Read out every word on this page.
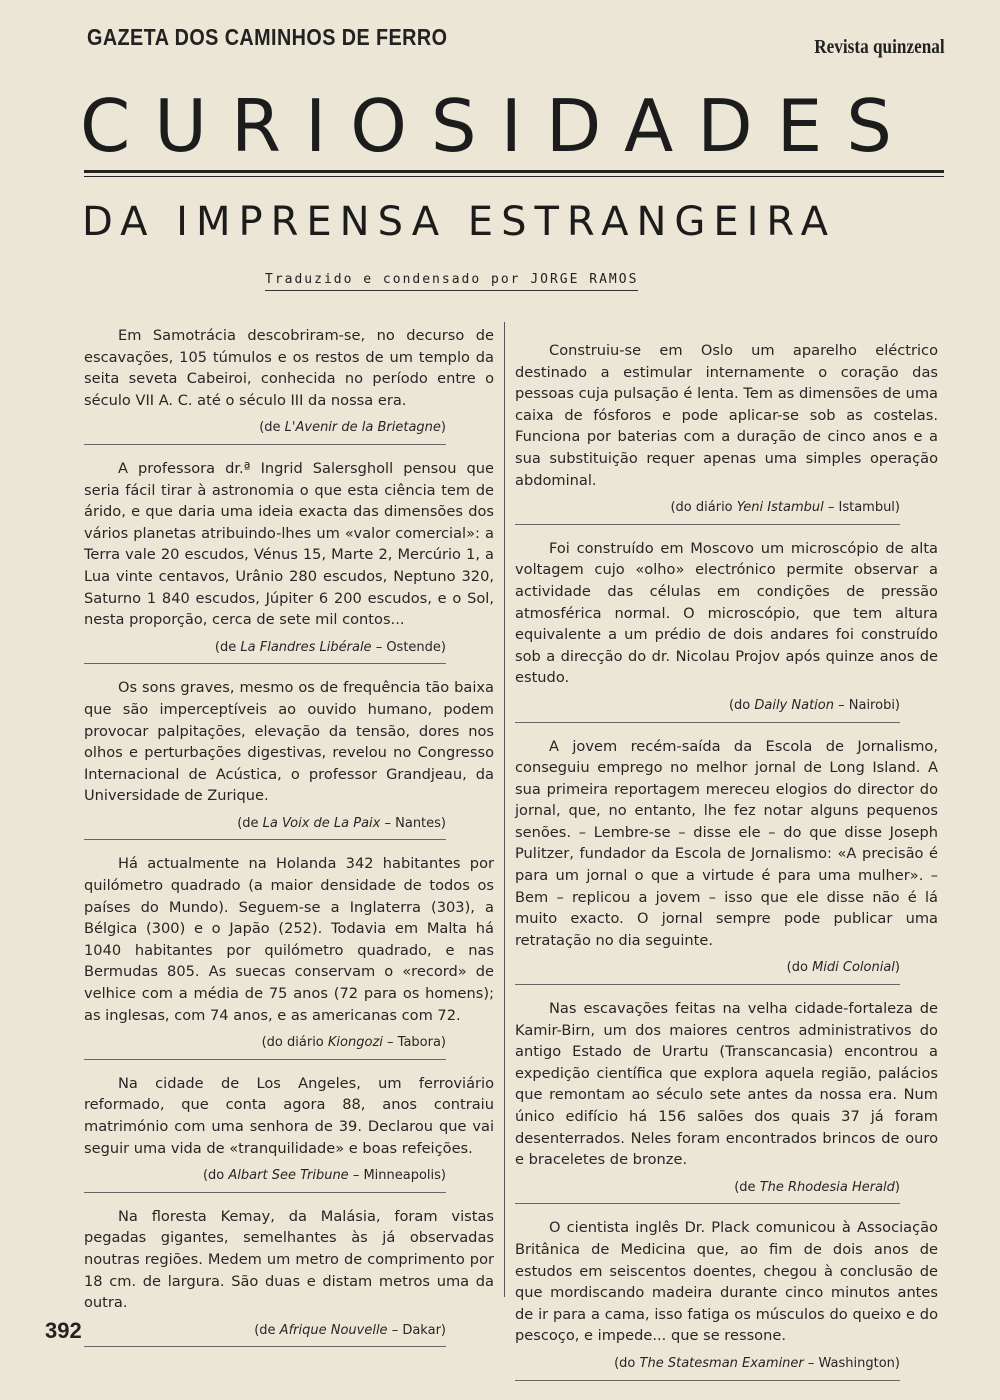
GAZETA DOS CAMINHOS DE FERRO	Revista quinzenal
CURIOSIDADES
DA IMPRENSA ESTRANGEIRA
Traduzido e condensado por JORGE RAMOS

Em Samotrácia descobriram-se, no decurso de escavações, 105 túmulos e os restos de um templo da seita seveta Cabeiroi, conhecida no período entre o século VII A. C. até o século III da nossa era.

(de L'Avenir de la Brietagne)

A professora dr.ª Ingrid Salersgholl pensou que seria fácil tirar à astronomia o que esta ciência tem de árido, e que daria uma ideia exacta das dimensões dos vários planetas atribuindo-lhes um «valor comercial»: a Terra vale 20 escudos, Vénus 15, Marte 2, Mercúrio 1, a Lua vinte centavos, Urânio 280 escudos, Neptuno 320, Saturno 1 840 escudos, Júpiter 6 200 escudos, e o Sol, nesta proporção, cerca de sete mil contos...

(de La Flandres Libérale – Ostende)

Os sons graves, mesmo os de frequência tão baixa que são imperceptíveis ao ouvido humano, podem provocar palpitações, elevação da tensão, dores nos olhos e perturbações digestivas, revelou no Congresso Internacional de Acústica, o professor Grandjeau, da Universidade de Zurique.

(de La Voix de La Paix – Nantes)

Há actualmente na Holanda 342 habitantes por quilómetro quadrado (a maior densidade de todos os países do Mundo). Seguem-se a Inglaterra (303), a Bélgica (300) e o Japão (252). Todavia em Malta há 1040 habitantes por quilómetro quadrado, e nas Bermudas 805. As suecas conservam o «record» de velhice com a média de 75 anos (72 para os homens); as inglesas, com 74 anos, e as americanas com 72.

(do diário Kiongozi – Tabora)

Na cidade de Los Angeles, um ferroviário reformado, que conta agora 88, anos contraiu matrimónio com uma senhora de 39. Declarou que vai seguir uma vida de «tranquilidade» e boas refeições.

(do Albart See Tribune – Minneapolis)

Na floresta Kemay, da Malásia, foram vistas pegadas gigantes, semelhantes às já observadas noutras regiões. Medem um metro de comprimento por 18 cm. de largura. São duas e distam metros uma da outra.

(de Afrique Nouvelle – Dakar)

Construiu-se em Oslo um aparelho eléctrico destinado a estimular internamente o coração das pessoas cuja pulsação é lenta. Tem as dimensões de uma caixa de fósforos e pode aplicar-se sob as costelas. Funciona por baterias com a duração de cinco anos e a sua substituição requer apenas uma simples operação abdominal.

(do diário Yeni Istambul – Istambul)

Foi construído em Moscovo um microscópio de alta voltagem cujo «olho» electrónico permite observar a actividade das células em condições de pressão atmosférica normal. O microscópio, que tem altura equivalente a um prédio de dois andares foi construído sob a direcção do dr. Nicolau Projov após quinze anos de estudo.

(do Daily Nation – Nairobi)

A jovem recém-saída da Escola de Jornalismo, conseguiu emprego no melhor jornal de Long Island. A sua primeira reportagem mereceu elogios do director do jornal, que, no entanto, lhe fez notar alguns pequenos senões. – Lembre-se – disse ele – do que disse Joseph Pulitzer, fundador da Escola de Jornalismo: «A precisão é para um jornal o que a virtude é para uma mulher». – Bem – replicou a jovem – isso que ele disse não é lá muito exacto. O jornal sempre pode publicar uma retratação no dia seguinte.

(do Midi Colonial)

Nas escavações feitas na velha cidade-fortaleza de Kamir-Birn, um dos maiores centros administrativos do antigo Estado de Urartu (Transcancasia) encontrou a expedição científica que explora aquela região, palácios que remontam ao século sete antes da nossa era. Num único edifício há 156 salões dos quais 37 já foram desenterrados. Neles foram encontrados brincos de ouro e braceletes de bronze.

(de The Rhodesia Herald)

O cientista inglês Dr. Plack comunicou à Associação Britânica de Medicina que, ao fim de dois anos de estudos em seiscentos doentes, chegou à conclusão de que mordiscando madeira durante cinco minutos antes de ir para a cama, isso fatiga os músculos do queixo e do pescoço, e impede... que se ressone.

(do The Statesman Examiner – Washington)
392
